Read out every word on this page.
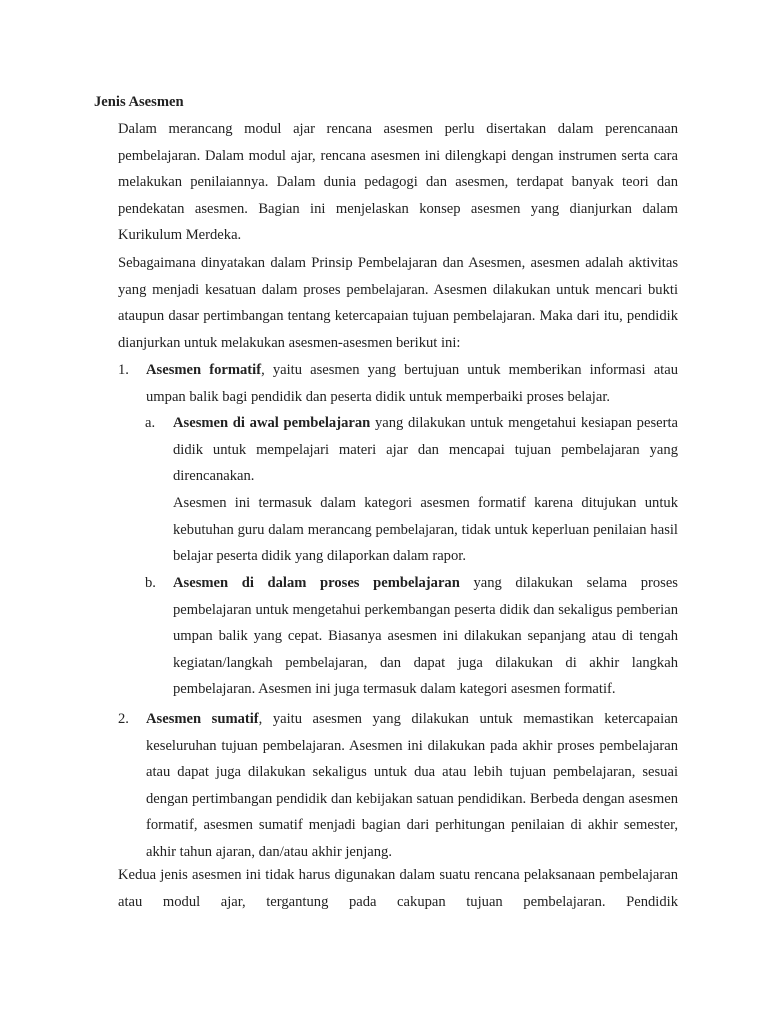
Jenis Asesmen

Dalam merancang modul ajar rencana asesmen perlu disertakan dalam perencanaan pembelajaran. Dalam modul ajar, rencana asesmen ini dilengkapi dengan instrumen serta cara melakukan penilaiannya. Dalam dunia pedagogi dan asesmen, terdapat banyak teori dan pendekatan asesmen. Bagian ini menjelaskan konsep asesmen yang dianjurkan dalam Kurikulum Merdeka.

Sebagaimana dinyatakan dalam Prinsip Pembelajaran dan Asesmen, asesmen adalah aktivitas yang menjadi kesatuan dalam proses pembelajaran. Asesmen dilakukan untuk mencari bukti ataupun dasar pertimbangan tentang ketercapaian tujuan pembelajaran. Maka dari itu, pendidik dianjurkan untuk melakukan asesmen-asesmen berikut ini:

1. Asesmen formatif, yaitu asesmen yang bertujuan untuk memberikan informasi atau umpan balik bagi pendidik dan peserta didik untuk memperbaiki proses belajar.

a. Asesmen di awal pembelajaran yang dilakukan untuk mengetahui kesiapan peserta didik untuk mempelajari materi ajar dan mencapai tujuan pembelajaran yang direncanakan.

Asesmen ini termasuk dalam kategori asesmen formatif karena ditujukan untuk kebutuhan guru dalam merancang pembelajaran, tidak untuk keperluan penilaian hasil belajar peserta didik yang dilaporkan dalam rapor.

b. Asesmen di dalam proses pembelajaran yang dilakukan selama proses pembelajaran untuk mengetahui perkembangan peserta didik dan sekaligus pemberian umpan balik yang cepat. Biasanya asesmen ini dilakukan sepanjang atau di tengah kegiatan/langkah pembelajaran, dan dapat juga dilakukan di akhir langkah pembelajaran. Asesmen ini juga termasuk dalam kategori asesmen formatif.

2. Asesmen sumatif, yaitu asesmen yang dilakukan untuk memastikan ketercapaian keseluruhan tujuan pembelajaran. Asesmen ini dilakukan pada akhir proses pembelajaran atau dapat juga dilakukan sekaligus untuk dua atau lebih tujuan pembelajaran, sesuai dengan pertimbangan pendidik dan kebijakan satuan pendidikan. Berbeda dengan asesmen formatif, asesmen sumatif menjadi bagian dari perhitungan penilaian di akhir semester, akhir tahun ajaran, dan/atau akhir jenjang.

Kedua jenis asesmen ini tidak harus digunakan dalam suatu rencana pelaksanaan pembelajaran atau modul ajar, tergantung pada cakupan tujuan pembelajaran. Pendidik
